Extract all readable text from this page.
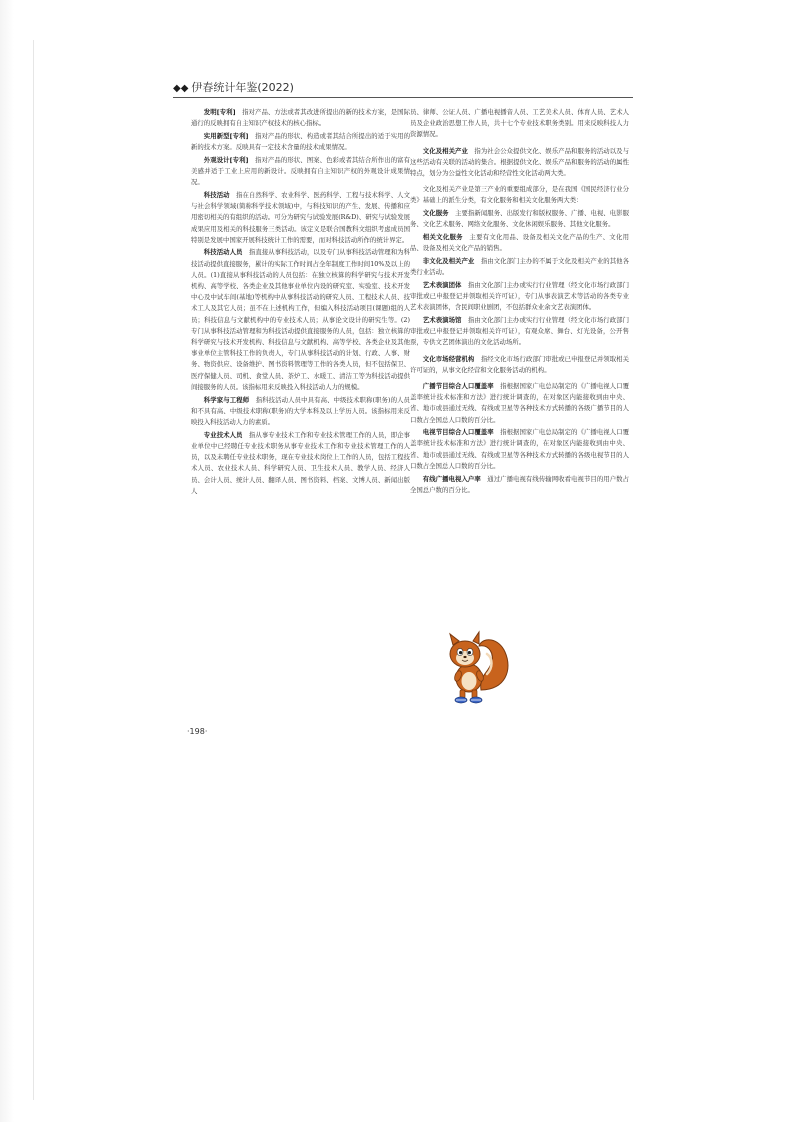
◆◆ 伊春统计年鉴(2022)

发明[专利]　指对产品、方法或者其改进所提出的新的技术方案，是国际通行的反映拥有自主知识产权技术的核心指标。

实用新型[专利]　指对产品的形状、构造或者其结合所提出的适于实用的新的技术方案。反映具有一定技术含量的技术成果情况。

外观设计[专利]　指对产品的形状、图案、色彩或者其结合所作出的富有美感并适于工业上应用的新设计。反映拥有自主知识产权的外观设计成果情况。

科技活动　指在自然科学、农业科学、医药科学、工程与技术科学、人文与社会科学领域(简称科学技术领域)中，与科技知识的产生、发展、传播和应用密切相关的有组织的活动。可分为研究与试验发展(R&D)、研究与试验发展成果应用及相关的科技服务三类活动。该定义是联合国教科文组织考虑成员国特别是发展中国家开展科技统计工作的需要，而对科技活动所作的统计界定。

科技活动人员　指直接从事科技活动，以及专门从事科技活动管理和为科技活动提供直接服务，累计的实际工作时间占全年制度工作时间10%及以上的人员。(1)直接从事科技活动的人员包括：在独立核算的科学研究与技术开发机构、高等学校、各类企业及其他事业单位内设的研究室、实验室、技术开发中心及中试车间(基地)等机构中从事科技活动的研究人员、工程技术人员、技术工人及其它人员；虽不在上述机构工作，但编入科技活动项目(课题)组的人员；科技信息与文献机构中的专业技术人员；从事论文设计的研究生等。(2)专门从事科技活动管理和为科技活动提供直接服务的人员，包括：独立核算的科学研究与技术开发机构、科技信息与文献机构、高等学校、各类企业及其他事业单位主管科技工作的负责人，专门从事科技活动的计划、行政、人事、财务、物资供应、设备维护、图书资料管理等工作的各类人员，但不包括保卫、医疗保健人员、司机、食堂人员、茶炉工、水暖工、清洁工等为科技活动提供间接服务的人员。该指标用来反映投入科技活动人力的规模。

科学家与工程师　指科技活动人员中具有高、中级技术职称(职务)的人员和不具有高、中级技术职称(职务)的大学本科及以上学历人员。该指标用来反映投入科技活动人力的素质。

专业技术人员　指从事专业技术工作和专业技术管理工作的人员，即企事业单位中已经聘任专业技术职务从事专业技术工作和专业技术管理工作的人员，以及未聘任专业技术职务，现在专业技术岗位上工作的人员，包括工程技术人员、农业技术人员、科学研究人员、卫生技术人员、教学人员、经济人员、会计人员、统计人员、翻译人员、图书资料、档案、文博人员、新闻出版人

员、律师、公证人员、广播电视播音人员、工艺美术人员、体育人员、艺术人员及企业政治思想工作人员，共十七个专业技术职务类别。用来反映科技人力资源情况。

文化及相关产业　指为社会公众提供文化、娱乐产品和服务的活动以及与这些活动有关联的活动的集合。根据提供文化、娱乐产品和服务的活动的属性特点，划分为公益性文化活动和经营性文化活动两大类。

文化及相关产业是第三产业的重要组成部分，是在我国《国民经济行业分类》基础上的派生分类，有文化服务和相关文化服务两大类：

文化服务　主要指新闻服务、出版发行和版权服务、广播、电视、电影服务、文化艺术服务、网络文化服务、文化休闲娱乐服务、其他文化服务。

相关文化服务　主要有文化用品、设备及相关文化产品的生产、文化用品、设备及相关文化产品的销售。

非文化及相关产业　指由文化部门主办的不属于文化及相关产业的其他各类行业活动。

艺术表演团体　指由文化部门主办或实行行业管理（经文化市场行政部门审批或已申报登记并领取相关许可证），专门从事表演艺术等活动的各类专业艺术表演团体，含民间职业剧团，不包括群众业余文艺表演团体。

艺术表演场馆　指由文化部门主办或实行行业管理（经文化市场行政部门审批或已申报登记并领取相关许可证），有观众席、舞台、灯光设备，公开售票，专供文艺团体演出的文化活动场所。

文化市场经营机构　指经文化市场行政部门审批或已申报登记并领取相关许可证的，从事文化经营和文化服务活动的机构。

广播节目综合人口覆盖率　指根据国家广电总局制定的《广播电视人口覆盖率统计技术标准和方法》进行统计调查的，在对象区内能接收到由中央、省、地市或县通过无线、有线或卫星等各种技术方式转播的各级广播节目的人口数占全国总人口数的百分比。

电视节目综合人口覆盖率　指根据国家广电总局制定的《广播电视人口覆盖率统计技术标准和方法》进行统计调查的，在对象区内能接收到由中央、省、地市或县通过无线、有线或卫星等各种技术方式转播的各级电视节目的人口数占全国总人口数的百分比。

有线广播电视入户率　通过广播电视有线传输网收看电视节目的用户数占全国总户数的百分比。

·198·
